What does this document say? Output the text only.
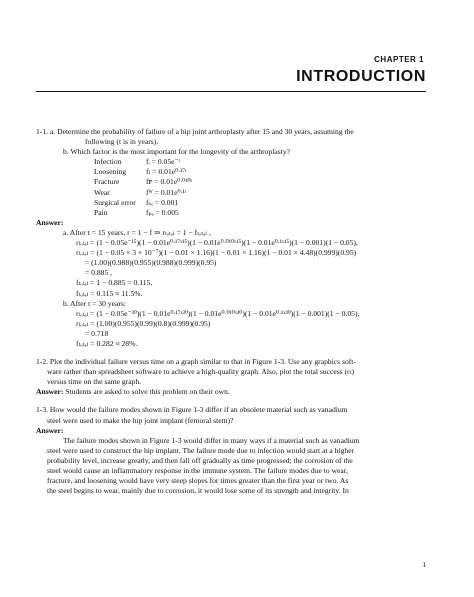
CHAPTER 1
INTRODUCTION
1-1. a. Determine the probability of failure of a hip joint arthroplasty after 15 and 30 years, assuming the
following (t is in years).
b. Which factor is the most important for the longevity of the arthroplasty?
Infection	fᵢ = 0.05e⁻ᵗ
Loosening	fₗ = 0.01e⁰ᐧ¹⁷ᵗ
Fracture	fꜰ = 0.01e⁰ᐧ⁰¹⁰ᵗ
Wear	fᵂ = 0.01e⁰ᐧ¹ᵗ
Surgical error	fₛₑ = 0.001
Pain	fₚₐ = 0.005
Answer:
a. After t = 15 years, r = 1 − f ⇒ rₜₒₜₐₗ = 1 − fₜₒₜₐₗ ,
rₜₒₜₐₗ = (1 − 0.05e⁻¹⁵)(1 − 0.01e⁰ᐧ¹⁷ˣ¹⁵)(1 − 0.01e⁰ᐧ⁰¹⁰ˣ¹⁵)(1 − 0.01e⁰ᐧ¹ˣ¹⁵)(1 − 0.001)(1 − 0.05),
rₜₒₜₐₗ = (1 − 0.05 × 3 × 10⁻⁷)(1 − 0.01 × 1.16)(1 − 0.01 × 1.16)(1 − 0.01 × 4.48)(0.999)(0.95)
= (1.00)(0.988)(0.955)(0.988)(0.999)(0.95)
= 0.885 ,
fₜₒₜₐₗ = 1 − 0.885 = 0.115,
fₜₒₜₐₗ = 0.115 ≈ 11.5%.
b. After t = 30 years:
rₜₒₜₐₗ = (1 − 0.05e⁻³⁰)(1 − 0.01e⁰ᐧ¹⁷ˣ³⁰)(1 − 0.01e⁰ᐧ⁰¹⁰ˣ³⁰)(1 − 0.01e⁰ᐧ¹ˣ³⁰)(1 − 0.001)(1 − 0.05),
rₜₒₜₐₗ = (1.00)(0.955)(0.99)(0.8)(0.999)(0.95)
= 0.718
fₜₒₜₐₗ = 0.282 ≈ 28%.
1-2. Plot the individual failure versus time on a graph similar to that in Figure 1-3. Use any graphics soft-
ware rather than spreadsheet software to achieve a high-quality graph. Also, plot the total success (rₜ)
versus time on the same graph.
Answer: Students are asked to solve this problem on their own.
1-3. How would the failure modes shown in Figure 1-3 differ if an obsolete material such as vanadium
steel were used to make the hip joint implant (femoral stem)?
Answer:
The failure modes shown in Figure 1-3 would differ in many ways if a material such as vanadium
steel were used to construct the hip implant. The failure mode due to infection would start at a higher
probability level, increase greatly, and then fall off gradually as time progressed; the corrosion of the
steel would cause an inflammatory response in the immune system. The failure modes due to wear,
fracture, and loosening would have very steep slopes for times greater than the first year or two. As
the steel begins to wear, mainly due to corrosion, it would lose some of its strength and integrity. In
1
